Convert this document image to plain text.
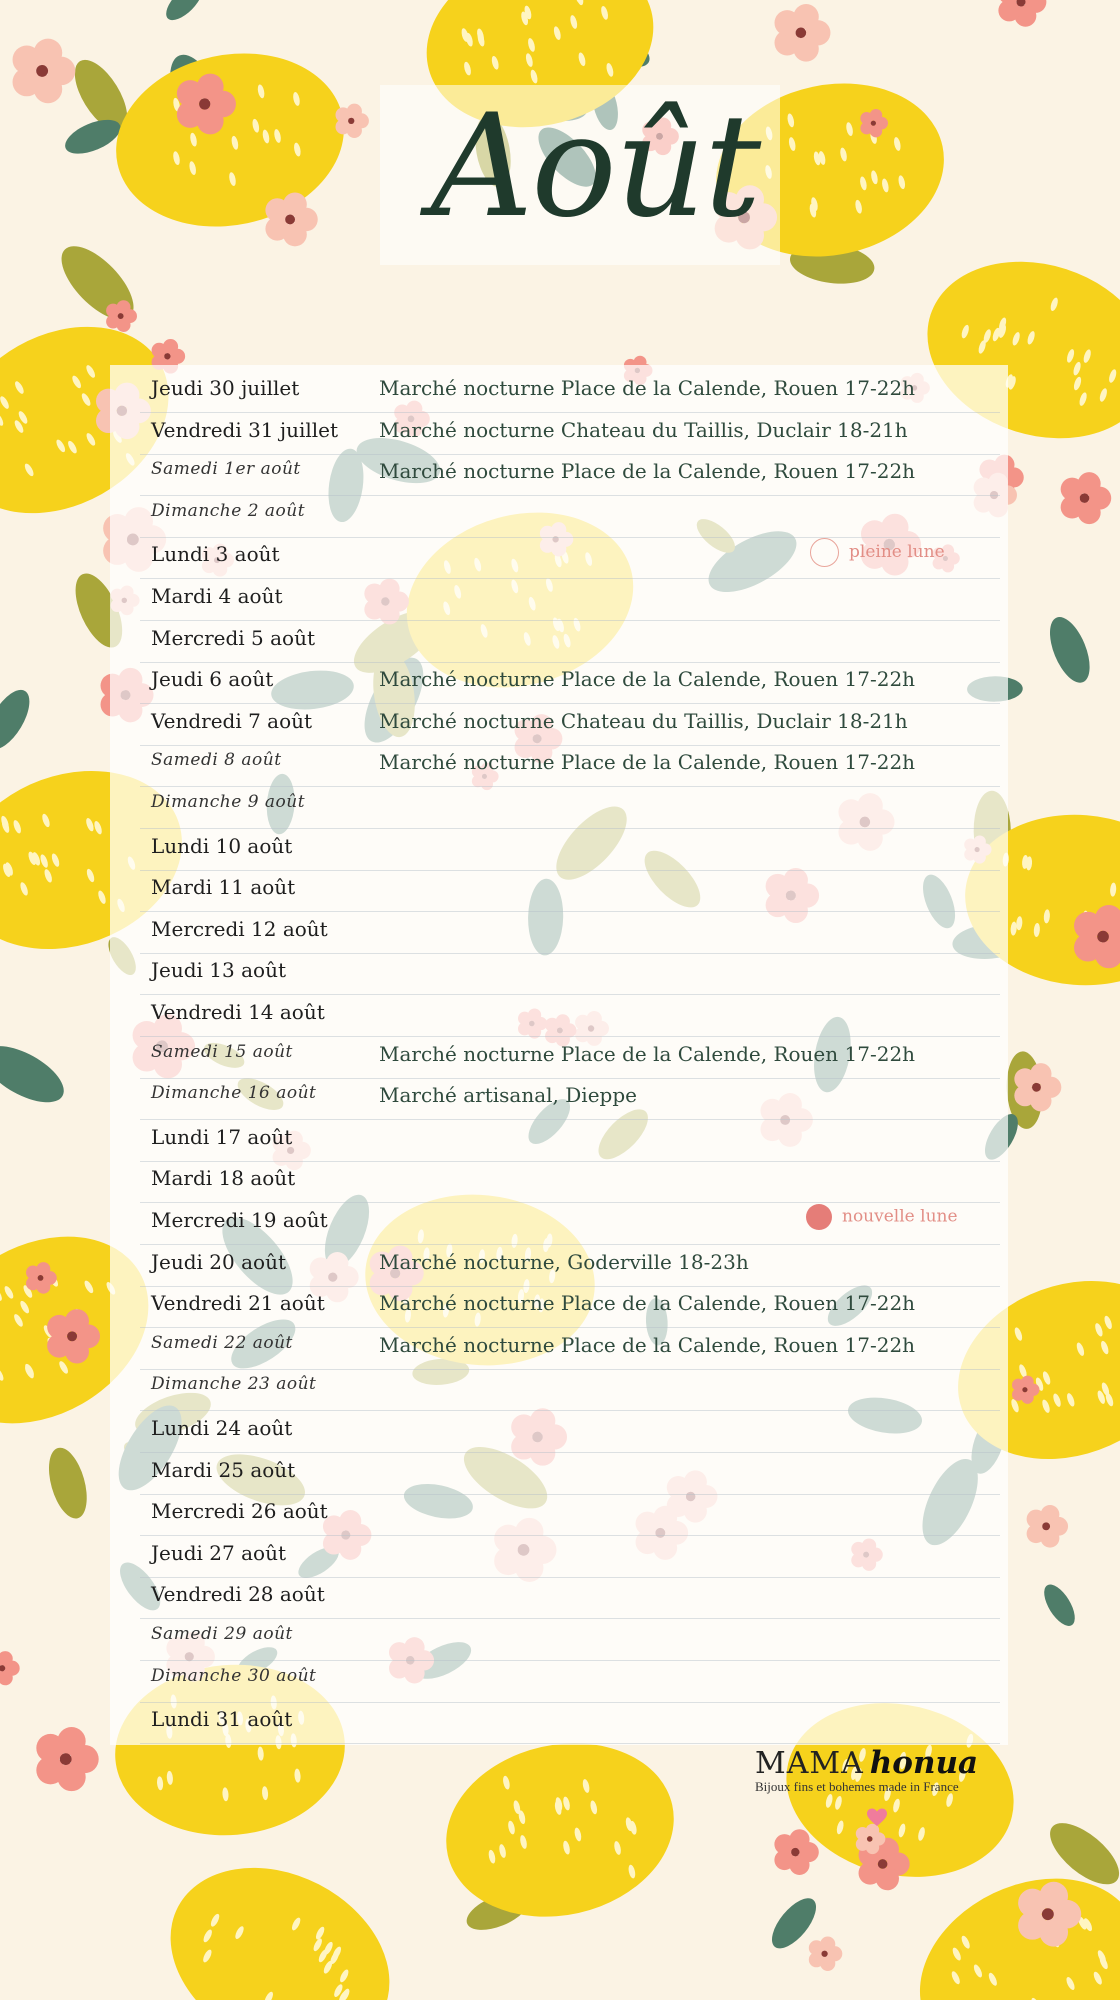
Août
pleine lune
nouvelle lune
Jeudi 30 juillet	Marché nocturne Place de la Calende, Rouen 17-22h
Vendredi 31 juillet Marché nocturne Chateau du Taillis, Duclair 18-21h
Samedi 1er août	Marché nocturne Place de la Calende, Rouen 17-22h
Dimanche 2 août
Lundi 3 août
Mardi 4 août
Mercredi 5 août
Jeudi 6 août	Marché nocturne Place de la Calende, Rouen 17-22h
Vendredi 7 août	Marché nocturne Chateau du Taillis, Duclair 18-21h
Samedi 8 août	Marché nocturne Place de la Calende, Rouen 17-22h
Dimanche 9 août
Lundi 10 août
Mardi 11 août
Mercredi 12 août
Jeudi 13 août
Vendredi 14 août
Samedi 15 août	Marché nocturne Place de la Calende, Rouen 17-22h
Dimanche 16 août	Marché artisanal, Dieppe
Lundi 17 août
Mardi 18 août
Mercredi 19 août
Jeudi 20 août	Marché nocturne, Goderville 18-23h
Vendredi 21 août	Marché nocturne Place de la Calende, Rouen 17-22h
Samedi 22 août	Marché nocturne Place de la Calende, Rouen 17-22h
Dimanche 23 août
Lundi 24 août
Mardi 25 août
Mercredi 26 août
Jeudi 27 août
Vendredi 28 août
Samedi 29 août
Dimanche 30 août
Lundi 31 août
MAMA honua
Bijoux fins et bohemes made in France
